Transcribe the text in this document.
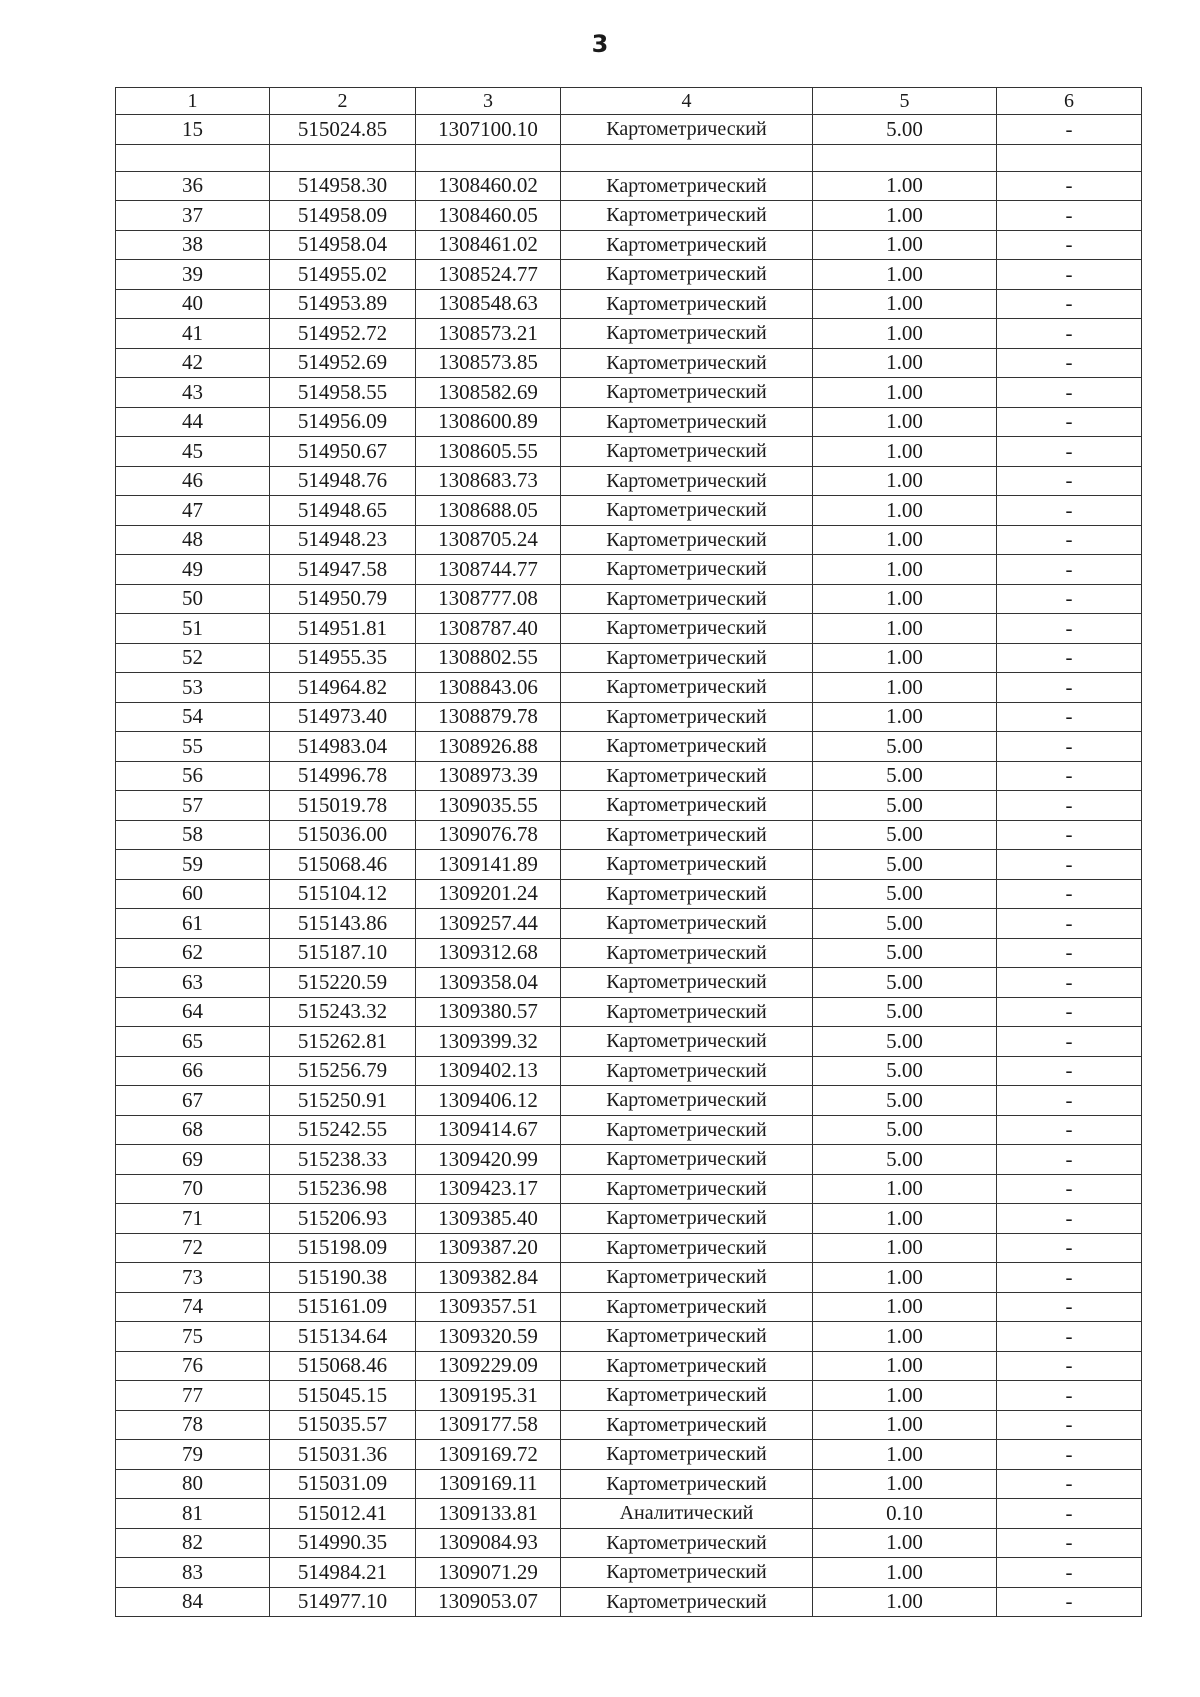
3
1	2	3	4	5	6
15	515024.85	1307100.10	Картометрический	5.00	-

36	514958.30	1308460.02	Картометрический	1.00	-
37	514958.09	1308460.05	Картометрический	1.00	-
38	514958.04	1308461.02	Картометрический	1.00	-
39	514955.02	1308524.77	Картометрический	1.00	-
40	514953.89	1308548.63	Картометрический	1.00	-
41	514952.72	1308573.21	Картометрический	1.00	-
42	514952.69	1308573.85	Картометрический	1.00	-
43	514958.55	1308582.69	Картометрический	1.00	-
44	514956.09	1308600.89	Картометрический	1.00	-
45	514950.67	1308605.55	Картометрический	1.00	-
46	514948.76	1308683.73	Картометрический	1.00	-
47	514948.65	1308688.05	Картометрический	1.00	-
48	514948.23	1308705.24	Картометрический	1.00	-
49	514947.58	1308744.77	Картометрический	1.00	-
50	514950.79	1308777.08	Картометрический	1.00	-
51	514951.81	1308787.40	Картометрический	1.00	-
52	514955.35	1308802.55	Картометрический	1.00	-
53	514964.82	1308843.06	Картометрический	1.00	-
54	514973.40	1308879.78	Картометрический	1.00	-
55	514983.04	1308926.88	Картометрический	5.00	-
56	514996.78	1308973.39	Картометрический	5.00	-
57	515019.78	1309035.55	Картометрический	5.00	-
58	515036.00	1309076.78	Картометрический	5.00	-
59	515068.46	1309141.89	Картометрический	5.00	-
60	515104.12	1309201.24	Картометрический	5.00	-
61	515143.86	1309257.44	Картометрический	5.00	-
62	515187.10	1309312.68	Картометрический	5.00	-
63	515220.59	1309358.04	Картометрический	5.00	-
64	515243.32	1309380.57	Картометрический	5.00	-
65	515262.81	1309399.32	Картометрический	5.00	-
66	515256.79	1309402.13	Картометрический	5.00	-
67	515250.91	1309406.12	Картометрический	5.00	-
68	515242.55	1309414.67	Картометрический	5.00	-
69	515238.33	1309420.99	Картометрический	5.00	-
70	515236.98	1309423.17	Картометрический	1.00	-
71	515206.93	1309385.40	Картометрический	1.00	-
72	515198.09	1309387.20	Картометрический	1.00	-
73	515190.38	1309382.84	Картометрический	1.00	-
74	515161.09	1309357.51	Картометрический	1.00	-
75	515134.64	1309320.59	Картометрический	1.00	-
76	515068.46	1309229.09	Картометрический	1.00	-
77	515045.15	1309195.31	Картометрический	1.00	-
78	515035.57	1309177.58	Картометрический	1.00	-
79	515031.36	1309169.72	Картометрический	1.00	-
80	515031.09	1309169.11	Картометрический	1.00	-
81	515012.41	1309133.81	Аналитический	0.10	-
82	514990.35	1309084.93	Картометрический	1.00	-
83	514984.21	1309071.29	Картометрический	1.00	-
84	514977.10	1309053.07	Картометрический	1.00	-
